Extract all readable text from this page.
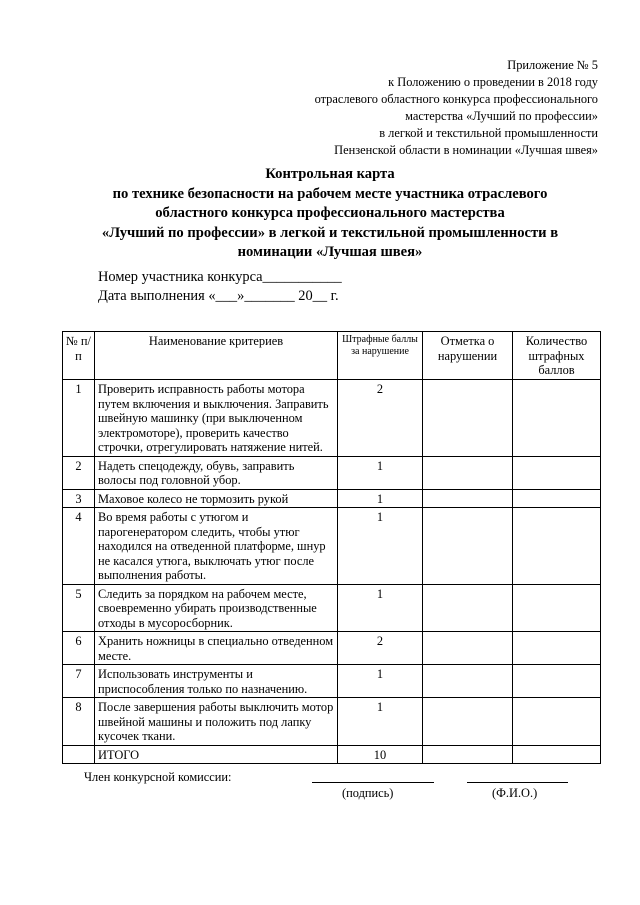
Приложение № 5
к Положению о проведении в 2018 году
отраслевого областного конкурса профессионального
мастерства «Лучший по профессии»
в легкой и текстильной промышленности
Пензенской области в номинации «Лучшая швея»
Контрольная карта
по технике безопасности на рабочем месте участника отраслевого
областного конкурса профессионального мастерства
«Лучший по профессии» в легкой и текстильной промышленности в
номинации «Лучшая швея»
Номер участника конкурса___________
Дата выполнения «___»_______ 20__ г.
№ п/п	Наименование критериев	Штрафные баллы за нарушение	Отметка о нарушении	Количество штрафных баллов
1	Проверить исправность работы мотора путем включения и выключения. Заправить швейную машинку (при выключенном электромоторе), проверить качество строчки, отрегулировать натяжение нитей.	2		
2	Надеть спецодежду, обувь, заправить волосы под головной убор.	1		
3	Маховое колесо не тормозить рукой	1		
4	Во время работы с утюгом и парогенератором следить, чтобы утюг находился на отведенной платформе, шнур не касался утюга, выключать утюг после выполнения работы.	1		
5	Следить за порядком на рабочем месте, своевременно убирать производственные отходы в мусоросборник.	1		
6	Хранить ножницы в специально отведенном месте.	2		
7	Использовать инструменты и приспособления только по назначению.	1		
8	После завершения работы выключить мотор швейной машины и положить под лапку кусочек ткани.	1		
	ИТОГО	10		
Член конкурсной комиссии:
(подпись)	(Ф.И.О.)
